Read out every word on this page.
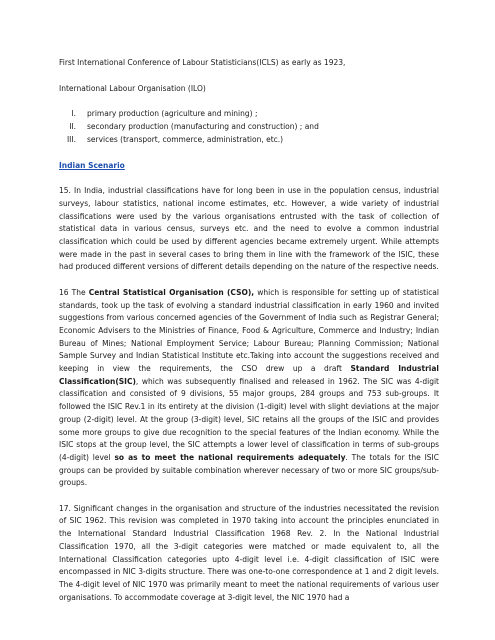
First International Conference of Labour Statisticians(ICLS) as early as 1923,

International Labour Organisation (ILO)

I.	primary production (agriculture and mining) ;
II.	secondary production (manufacturing and construction) ; and
III.	services (transport, commerce, administration, etc.)
Indian Scenario

15. In India, industrial classifications have for long been in use in the population census, industrial surveys, labour statistics, national income estimates, etc. However, a wide variety of industrial classifications were used by the various organisations entrusted with the task of collection of statistical data in various census, surveys etc. and the need to evolve a common industrial classification which could be used by different agencies became extremely urgent. While attempts were made in the past in several cases to bring them in line with the framework of the ISIC, these had produced different versions of different details depending on the nature of the respective needs.

16 The Central Statistical Organisation (CSO), which is responsible for setting up of statistical standards, took up the task of evolving a standard industrial classification in early 1960 and invited suggestions from various concerned agencies of the Government of India such as Registrar General; Economic Advisers to the Ministries of Finance, Food & Agriculture, Commerce and Industry; Indian Bureau of Mines; National Employment Service; Labour Bureau; Planning Commission; National Sample Survey and Indian Statistical Institute etc.Taking into account the suggestions received and keeping in view the requirements, the CSO drew up a draft Standard Industrial Classification(SIC), which was subsequently finalised and released in 1962. The SIC was 4-digit classification and consisted of 9 divisions, 55 major groups, 284 groups and 753 sub-groups. It followed the ISIC Rev.1 in its entirety at the division (1-digit) level with slight deviations at the major group (2-digit) level. At the group (3-digit) level, SIC retains all the groups of the ISIC and provides some more groups to give due recognition to the special features of the Indian economy. While the ISIC stops at the group level, the SIC attempts a lower level of classification in terms of sub-groups (4-digit) level so as to meet the national requirements adequately. The totals for the ISIC groups can be provided by suitable combination wherever necessary of two or more SIC groups/sub-groups.

17. Significant changes in the organisation and structure of the industries necessitated the revision of SIC 1962. This revision was completed in 1970 taking into account the principles enunciated in the International Standard Industrial Classification 1968 Rev. 2. In the National Industrial Classification 1970, all the 3-digit categories were matched or made equivalent to, all the International Classification categories upto 4-digit level i.e. 4-digit classification of ISIC were encompassed in NIC 3-digits structure. There was one-to-one correspondence at 1 and 2 digit levels. The 4-digit level of NIC 1970 was primarily meant to meet the national requirements of various user organisations. To accommodate coverage at 3-digit level, the NIC 1970 had a
